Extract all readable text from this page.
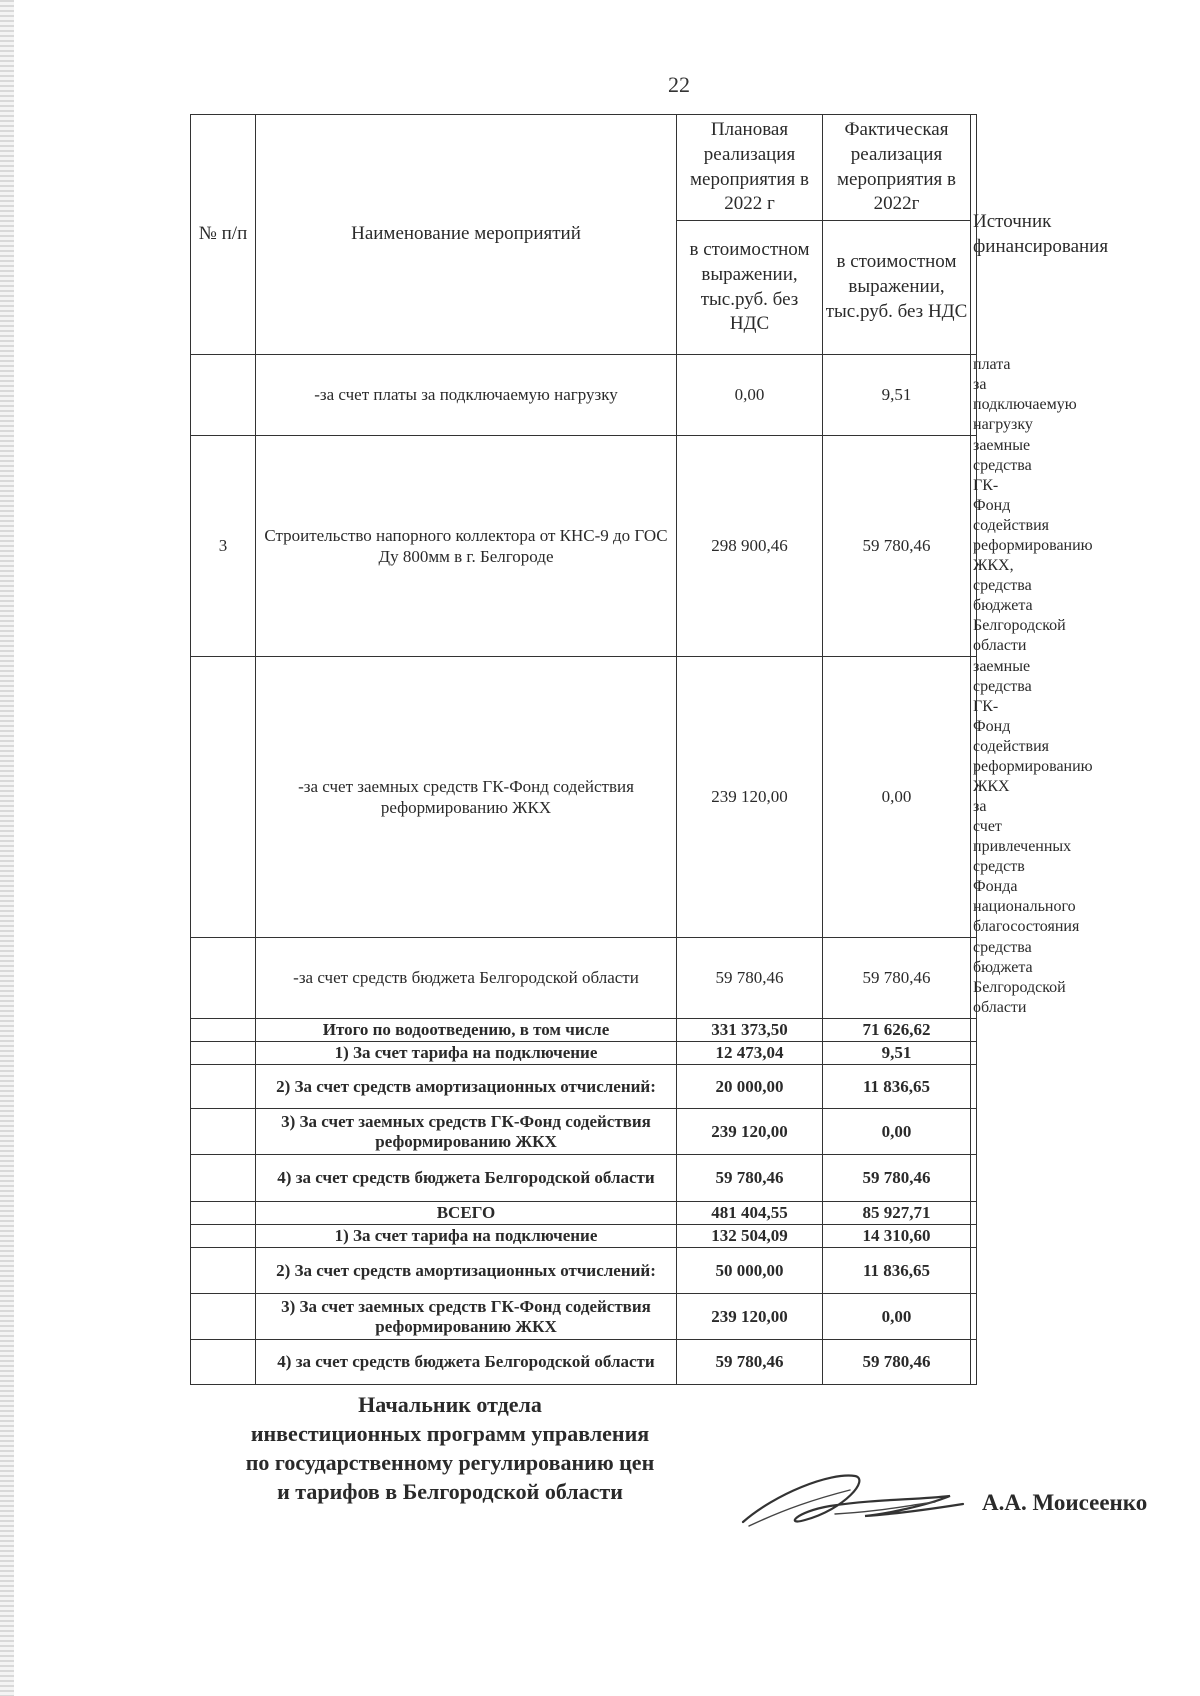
22
№ п/п	Наименование мероприятий	Плановая реализация мероприятия в 2022 г	Фактическая реализация мероприятия в 2022г	Источник финансирования
		в стоимостном выражении, тыс.руб. без НДС	в стоимостном выражении, тыс.руб. без НДС	
	-за счет платы за подключаемую нагрузку	0,00	9,51	плата за подключаемую нагрузку
3	Строительство напорного коллектора от КНС-9 до ГОС Ду 800мм в г. Белгороде	298 900,46	59 780,46	заемные средства ГК-Фонд содействия реформированию ЖКХ, средства бюджета Белгородской области
	-за счет заемных средств ГК-Фонд содействия реформированию ЖКХ	239 120,00	0,00	заемные средства ГК-Фонд содействия реформированию ЖКХ за счет привлеченных средств Фонда национального благосостояния
	-за счет средств бюджета Белгородской области	59 780,46	59 780,46	средства бюджета Белгородской области
	Итого по водоотведению, в том числе	331 373,50	71 626,62	
	1) За счет тарифа на подключение	12 473,04	9,51	
	2) За счет средств амортизационных отчислений:	20 000,00	11 836,65	
	3) За счет заемных средств ГК-Фонд содействия реформированию ЖКХ	239 120,00	0,00	
	4) за счет средств бюджета Белгородской области	59 780,46	59 780,46	
	ВСЕГО	481 404,55	85 927,71	
	1) За счет тарифа на подключение	132 504,09	14 310,60	
	2) За счет средств амортизационных отчислений:	50 000,00	11 836,65	
	3) За счет заемных средств ГК-Фонд содействия реформированию ЖКХ	239 120,00	0,00	
	4) за счет средств бюджета Белгородской области	59 780,46	59 780,46	
Начальник отдела
инвестиционных программ управления
по государственному регулированию цен
и тарифов в Белгородской области	А.А. Моисеенко
